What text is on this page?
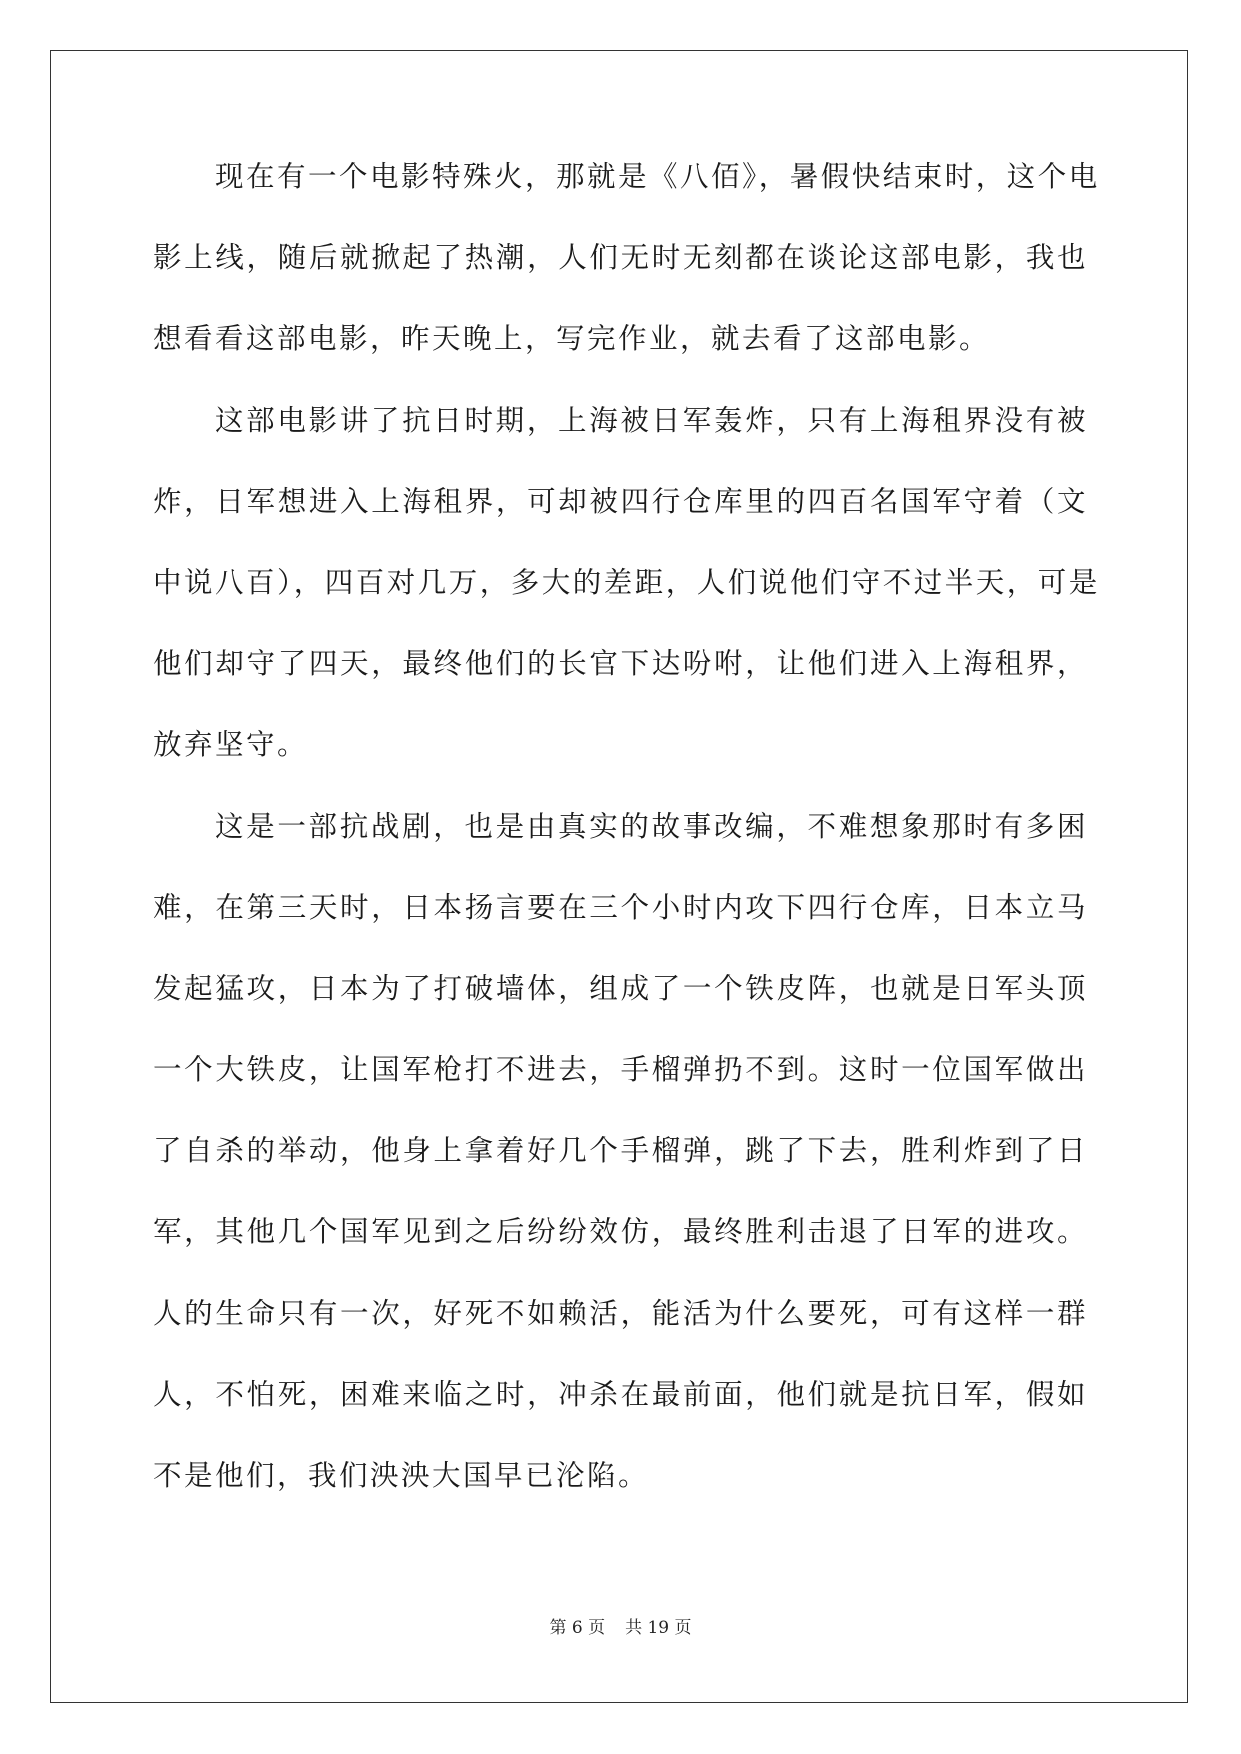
现在有一个电影特殊火，那就是《八佰》，暑假快结束时，这个电
影上线，随后就掀起了热潮，人们无时无刻都在谈论这部电影，我也
想看看这部电影，昨天晚上，写完作业，就去看了这部电影。
这部电影讲了抗日时期，上海被日军轰炸，只有上海租界没有被
炸，日军想进入上海租界，可却被四行仓库里的四百名国军守着（文
中说八百），四百对几万，多大的差距，人们说他们守不过半天，可是
他们却守了四天，最终他们的长官下达吩咐，让他们进入上海租界，
放弃坚守。
这是一部抗战剧，也是由真实的故事改编，不难想象那时有多困
难，在第三天时，日本扬言要在三个小时内攻下四行仓库，日本立马
发起猛攻，日本为了打破墙体，组成了一个铁皮阵，也就是日军头顶
一个大铁皮，让国军枪打不进去，手榴弹扔不到。这时一位国军做出
了自杀的举动，他身上拿着好几个手榴弹，跳了下去，胜利炸到了日
军，其他几个国军见到之后纷纷效仿，最终胜利击退了日军的进攻。
人的生命只有一次，好死不如赖活，能活为什么要死，可有这样一群
人，不怕死，困难来临之时，冲杀在最前面，他们就是抗日军，假如
不是他们，我们泱泱大国早已沦陷。
第 6 页 共 19 页
